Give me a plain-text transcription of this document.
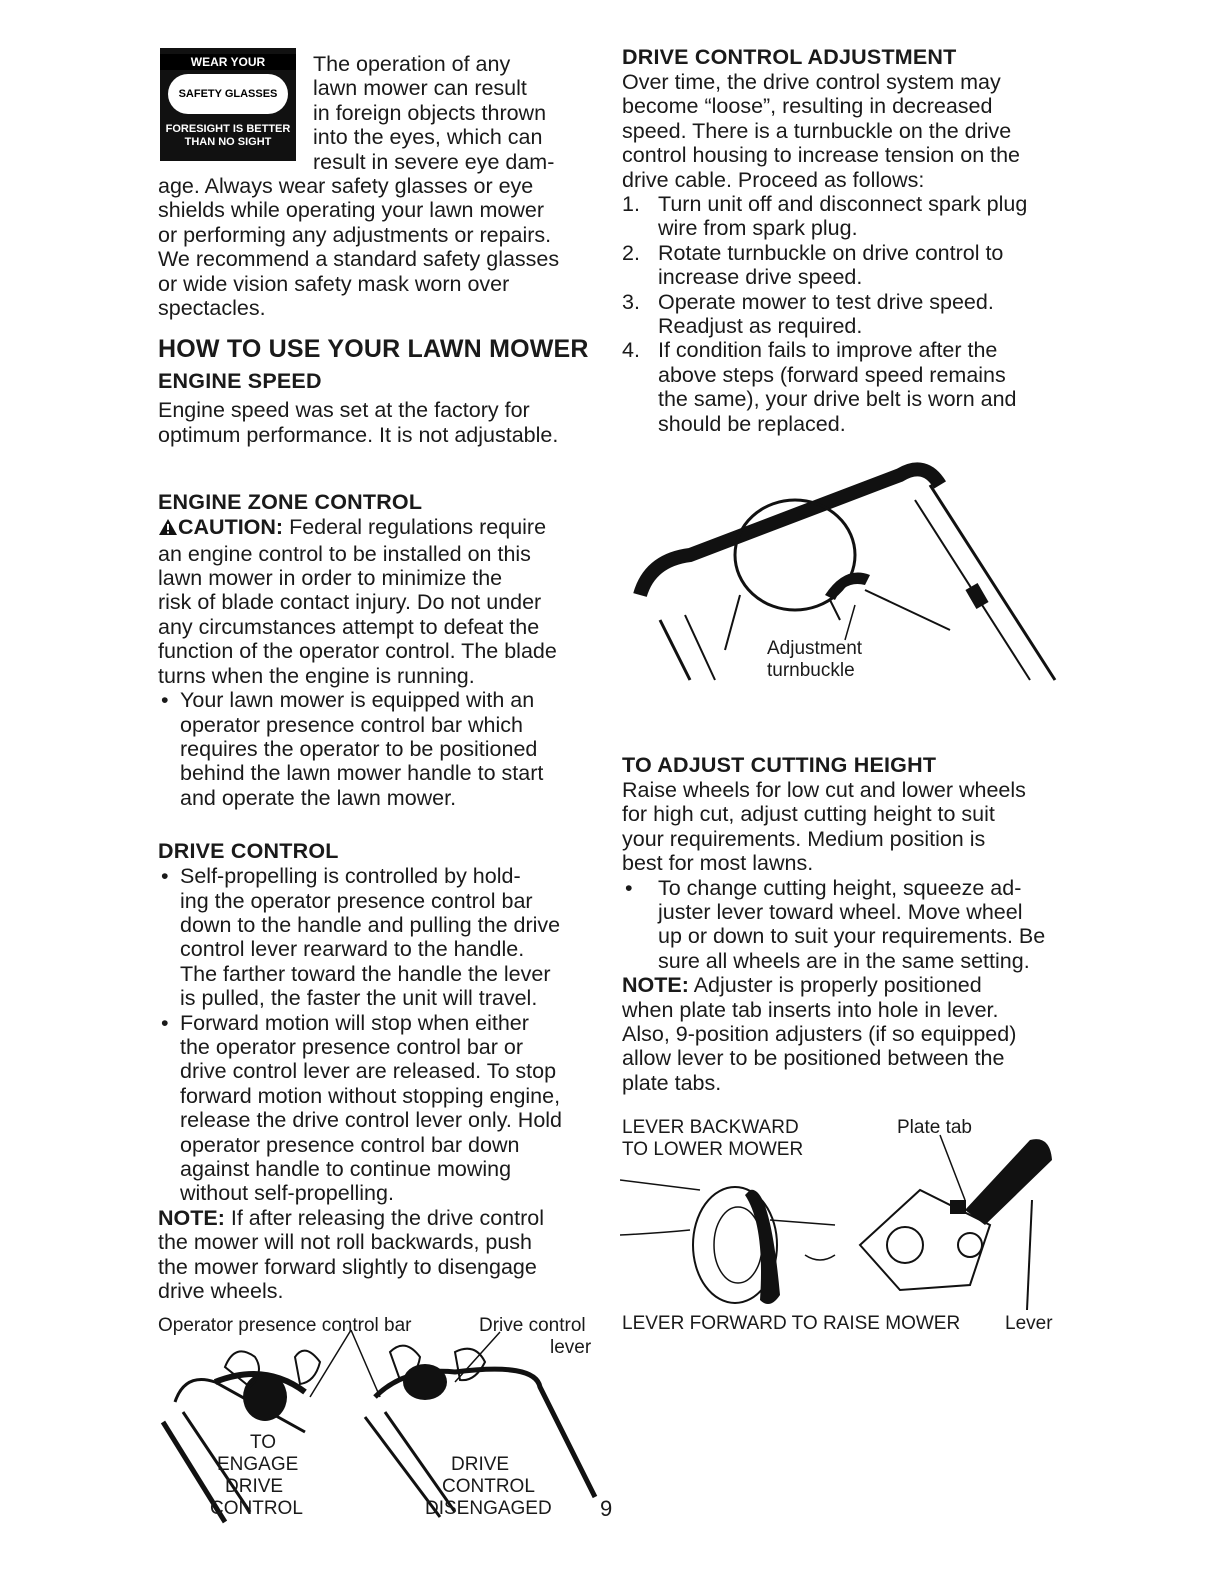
WEAR YOUR
SAFETY GLASSES
FORESIGHT IS BETTER
THAN NO SIGHT

The operation of any

lawn mower can result

in foreign objects thrown

into the eyes, which can

result in severe eye dam-

age. Always wear safety glasses or eye

shields while operating your lawn mower

or performing any adjustments or repairs.

We recommend a standard safety glasses

or wide vision safety mask worn over

spectacles.

HOW TO USE YOUR LAWN MOWER
ENGINE SPEED

Engine speed was set at the factory for

optimum performance. It is not adjustable.

ENGINE ZONE CONTROL

CAUTION: Federal regulations require

an engine control to be installed on this

lawn mower in order to minimize the

risk of blade contact injury. Do not under

any circumstances attempt to defeat the

function of the operator control. The blade

turns when the engine is running.

• Your lawn mower is equipped with an

operator presence control bar which

requires the operator to be positioned

behind the lawn mower handle to start

and operate the lawn mower.

DRIVE CONTROL
• Self-propelling is controlled by hold-

ing the operator presence control bar

down to the handle and pulling the drive

control lever rearward to the handle.

The farther toward the handle the lever

is pulled, the faster the unit will travel.

• Forward motion will stop when either

the operator presence control bar or

drive control lever are released. To stop

forward motion without stopping engine,

release the drive control lever only. Hold

operator presence control bar down

against handle to continue mowing

without self-propelling.

NOTE: If after releasing the drive control

the mower will not roll backwards, push

the mower forward slightly to disengage

drive wheels.

Operator presence control bar	Drive control
lever
TO
ENGAGE
DRIVE
CONTROL
DRIVE
CONTROL
DISENGAGED 9
DRIVE CONTROL ADJUSTMENT

Over time, the drive control system may

become “loose”, resulting in decreased

speed. There is a turnbuckle on the drive

control housing to increase tension on the

drive cable. Proceed as follows:

1. Turn unit off and disconnect spark plug

wire from spark plug.

2. Rotate turnbuckle on drive control to

increase drive speed.

3. Operate mower to test drive speed.

Readjust as required.

4. If condition fails to improve after the

above steps (forward speed remains

the same), your drive belt is worn and

should be replaced.

Adjustment
turnbuckle
TO ADJUST CUTTING HEIGHT

Raise wheels for low cut and lower wheels

for high cut, adjust cutting height to suit

your requirements. Medium position is

best for most lawns.

• To change cutting height, squeeze ad-

juster lever toward wheel. Move wheel

up or down to suit your requirements. Be

sure all wheels are in the same setting.

NOTE: Adjuster is properly positioned

when plate tab inserts into hole in lever.

Also, 9-position adjusters (if so equipped)

allow lever to be positioned between the

plate tabs.

LEVER BACKWARD
TO LOWER MOWER
Plate tab
LEVER FORWARD TO RAISE MOWER Lever
